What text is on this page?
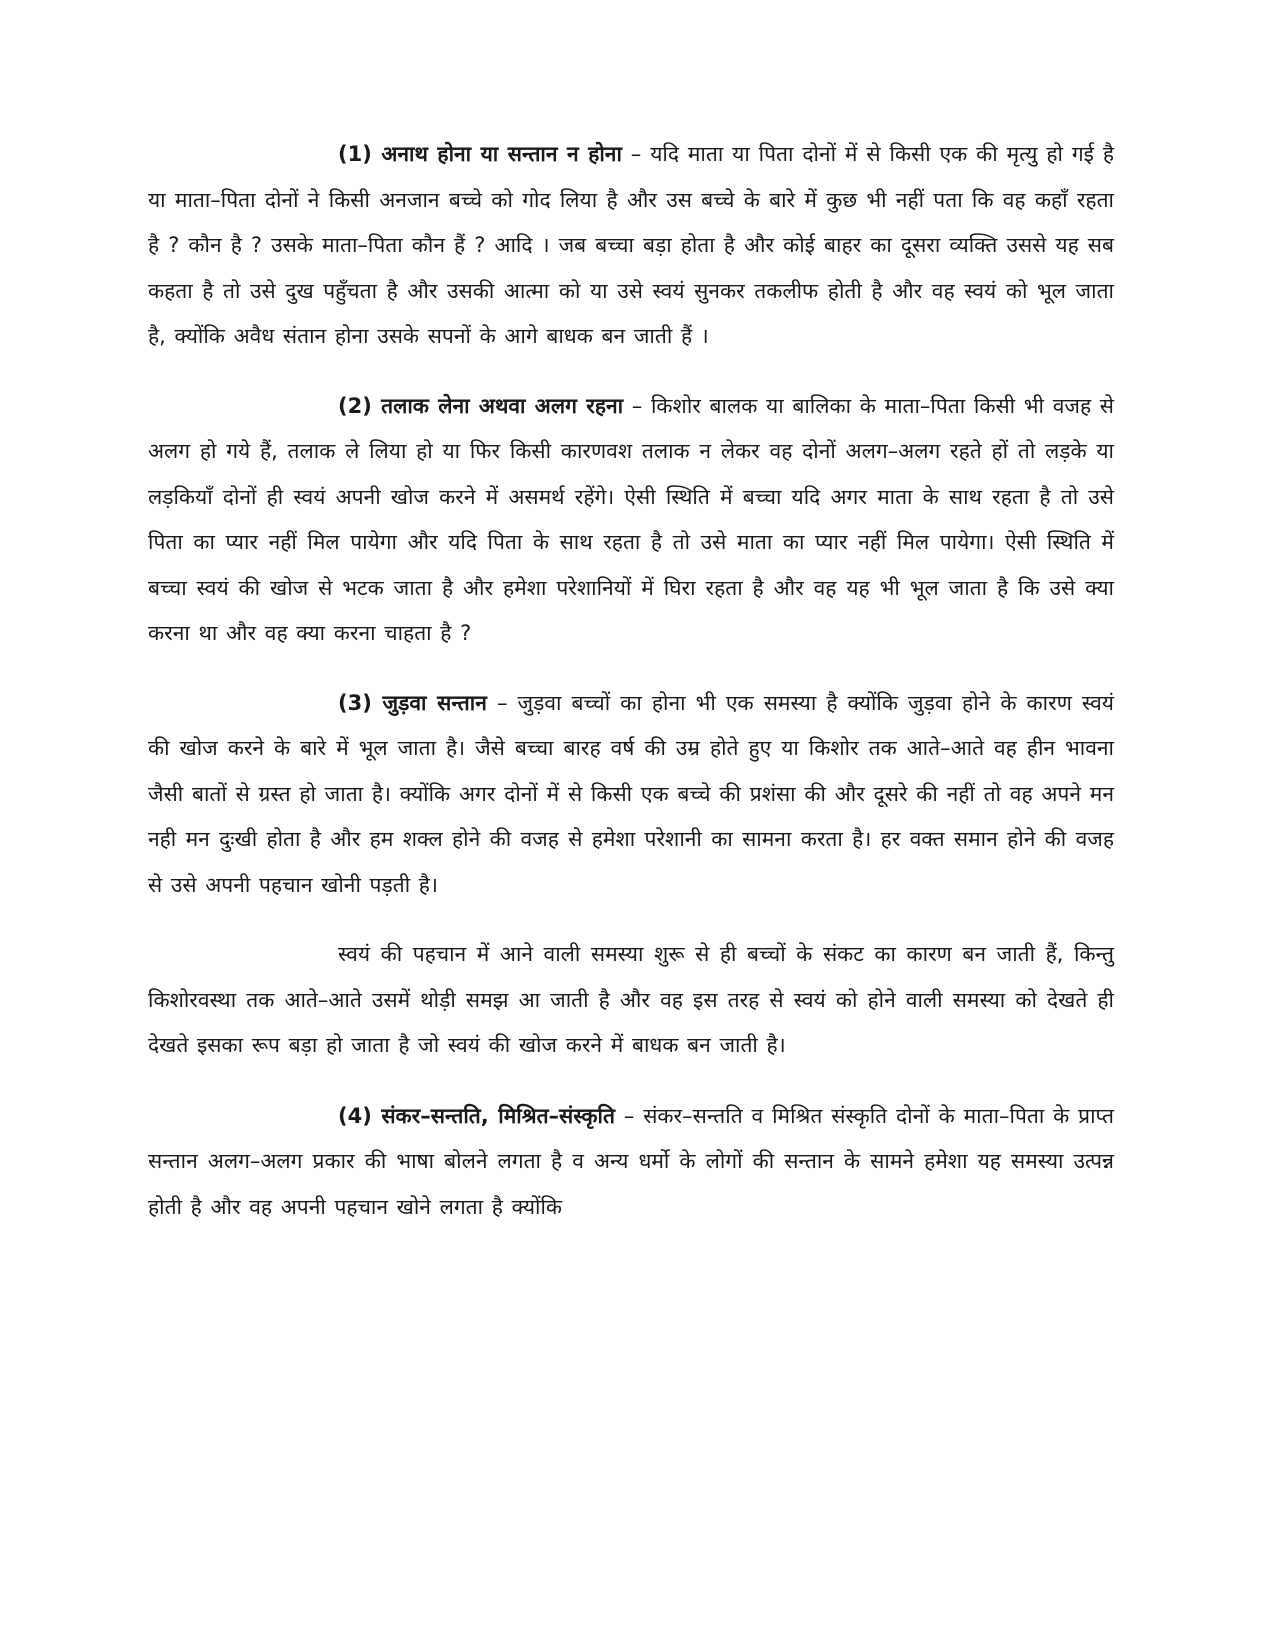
(1) अनाथ होना या सन्तान न होना – यदि माता या पिता दोनों में से किसी एक की मृत्यु हो गई है या माता–पिता दोनों ने किसी अनजान बच्चे को गोद लिया है और उस बच्चे के बारे में कुछ भी नहीं पता कि वह कहाँ रहता है ? कौन है ? उसके माता–पिता कौन हैं ? आदि । जब बच्चा बड़ा होता है और कोई बाहर का दूसरा व्यक्ति उससे यह सब कहता है तो उसे दुख पहुँचता है और उसकी आत्मा को या उसे स्वयं सुनकर तकलीफ होती है और वह स्वयं को भूल जाता है, क्योंकि अवैध संतान होना उसके सपनों के आगे बाधक बन जाती हैं ।

(2) तलाक लेना अथवा अलग रहना – किशोर बालक या बालिका के माता–पिता किसी भी वजह से अलग हो गये हैं, तलाक ले लिया हो या फिर किसी कारणवश तलाक न लेकर वह दोनों अलग–अलग रहते हों तो लड़के या लड़कियाँ दोनों ही स्वयं अपनी खोज करने में असमर्थ रहेंगे। ऐसी स्थिति में बच्चा यदि अगर माता के साथ रहता है तो उसे पिता का प्यार नहीं मिल पायेगा और यदि पिता के साथ रहता है तो उसे माता का प्यार नहीं मिल पायेगा। ऐसी स्थिति में बच्चा स्वयं की खोज से भटक जाता है और हमेशा परेशानियों में घिरा रहता है और वह यह भी भूल जाता है कि उसे क्या करना था और वह क्या करना चाहता है ?

(3) जुड़वा सन्तान – जुड़वा बच्चों का होना भी एक समस्या है क्योंकि जुड़वा होने के कारण स्वयं की खोज करने के बारे में भूल जाता है। जैसे बच्चा बारह वर्ष की उम्र होते हुए या किशोर तक आते–आते वह हीन भावना जैसी बातों से ग्रस्त हो जाता है। क्योंकि अगर दोनों में से किसी एक बच्चे की प्रशंसा की और दूसरे की नहीं तो वह अपने मन नही मन दुःखी होता है और हम शक्ल होने की वजह से हमेशा परेशानी का सामना करता है। हर वक्त समान होने की वजह से उसे अपनी पहचान खोनी पड़ती है।

स्वयं की पहचान में आने वाली समस्या शुरू से ही बच्चों के संकट का कारण बन जाती हैं, किन्तु किशोरवस्था तक आते–आते उसमें थोड़ी समझ आ जाती है और वह इस तरह से स्वयं को होने वाली समस्या को देखते ही देखते इसका रूप बड़ा हो जाता है जो स्वयं की खोज करने में बाधक बन जाती है।

(4) संकर–सन्तति, मिश्रित–संस्कृति – संकर–सन्तति व मिश्रित संस्कृति दोनों के माता–पिता के प्राप्त सन्तान अलग–अलग प्रकार की भाषा बोलने लगता है व अन्य धर्मो के लोगों की सन्तान के सामने हमेशा यह समस्या उत्पन्न होती है और वह अपनी पहचान खोने लगता है क्योंकि
